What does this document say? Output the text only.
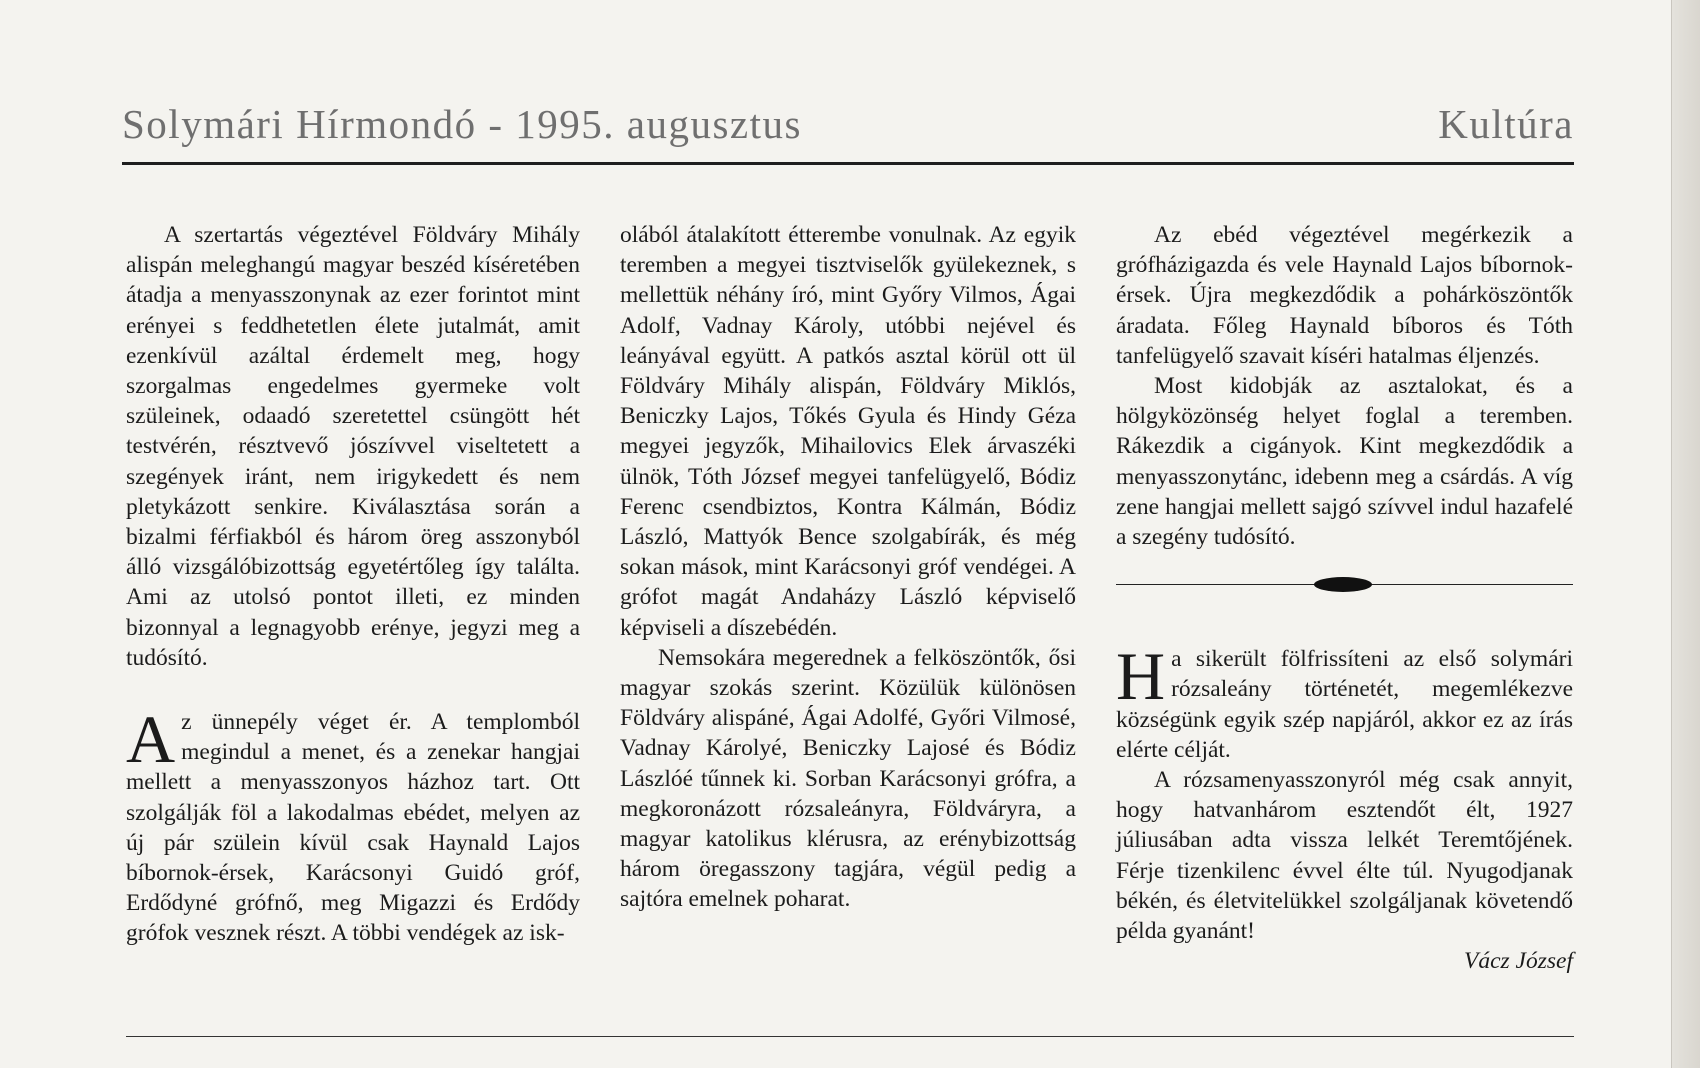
Solymári Hírmondó - 1995. augusztus	Kultúra

A szertartás végeztével Földváry Mihály alispán meleghangú magyar beszéd kíséretében átadja a menyasszonynak az ezer forintot mint erényei s feddhetetlen élete jutalmát, amit ezenkívül azáltal érdemelt meg, hogy szorgalmas engedelmes gyermeke volt szüleinek, odaadó szeretettel csüngött hét testvérén, résztvevő jószívvel viseltetett a szegények iránt, nem irigykedett és nem pletykázott senkire. Kiválasztása során a bizalmi férfiakból és három öreg asszonyból álló vizsgálóbizottság egyetértőleg így találta. Ami az utolsó pontot illeti, ez minden bizonnyal a legnagyobb erénye, jegyzi meg a tudósító.

Az ünnepély véget ér. A templomból megindul a menet, és a zenekar hangjai mellett a menyasszonyos házhoz tart. Ott szolgálják föl a lakodalmas ebédet, melyen az új pár szülein kívül csak Haynald Lajos bíbornok-érsek, Karácsonyi Guidó gróf, Erdődyné grófnő, meg Migazzi és Erdődy grófok vesznek részt. A többi vendégek az isk-

olából átalakított étterembe vonulnak. Az egyik teremben a megyei tisztviselők gyülekeznek, s mellettük néhány író, mint Győry Vilmos, Ágai Adolf, Vadnay Károly, utóbbi nejével és leányával együtt. A patkós asztal körül ott ül Földváry Mihály alispán, Földváry Miklós, Beniczky Lajos, Tőkés Gyula és Hindy Géza megyei jegyzők, Mihailovics Elek árvaszéki ülnök, Tóth József megyei tanfelügyelő, Bódiz Ferenc csendbiztos, Kontra Kálmán, Bódiz László, Mattyók Bence szolgabírák, és még sokan mások, mint Karácsonyi gróf vendégei. A grófot magát Andaházy László képviselő képviseli a díszebédén.

Nemsokára megerednek a felköszöntők, ősi magyar szokás szerint. Közülük különösen Földváry alispáné, Ágai Adolfé, Győri Vilmosé, Vadnay Károlyé, Beniczky Lajosé és Bódiz Lászlóé tűnnek ki. Sorban Karácsonyi grófra, a megkoronázott rózsaleányra, Földváryra, a magyar katolikus klérusra, az erénybizottság három öregasszony tagjára, végül pedig a sajtóra emelnek poharat.

Az ebéd végeztével megérkezik a grófházigazda és vele Haynald Lajos bíbornok-érsek. Újra megkezdődik a pohárköszöntők áradata. Főleg Haynald bíboros és Tóth tanfelügyelő szavait kíséri hatalmas éljenzés.

Most kidobják az asztalokat, és a hölgyközönség helyet foglal a teremben. Rákezdik a cigányok. Kint megkezdődik a menyasszonytánc, idebenn meg a csárdás. A víg zene hangjai mellett sajgó szívvel indul hazafelé a szegény tudósító.

Ha sikerült fölfrissíteni az első solymári rózsaleány történetét, megemlékezve községünk egyik szép napjáról, akkor ez az írás elérte célját.

A rózsamenyasszonyról még csak annyit, hogy hatvanhárom esztendőt élt, 1927 júliusában adta vissza lelkét Teremtőjének. Férje tizenkilenc évvel élte túl. Nyugodjanak békén, és életvitelükkel szolgáljanak követendő példa gyanánt!

Vácz József
